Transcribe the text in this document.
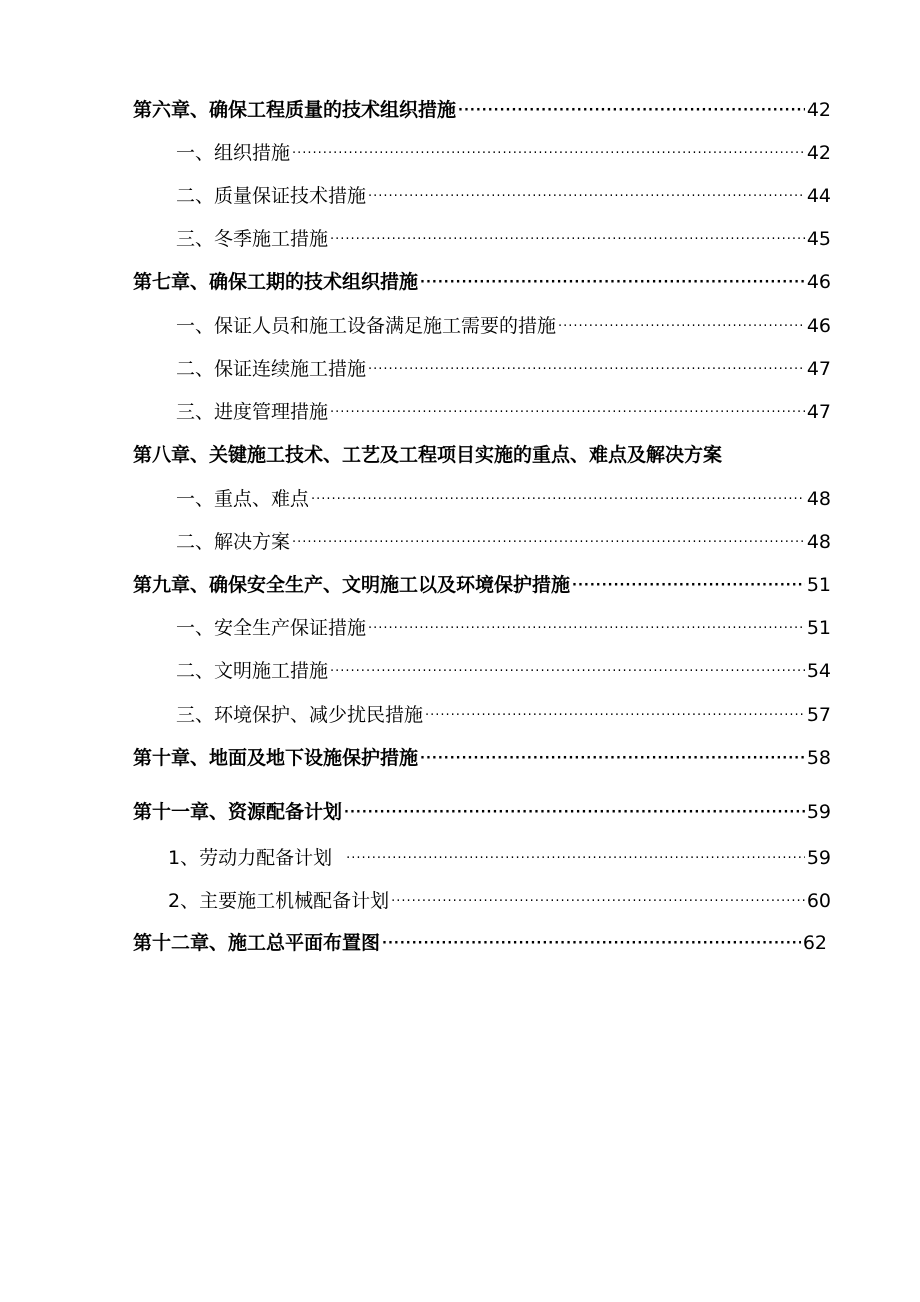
第六章、确保工程质量的技术组织措施 ·····	42
一、组织措施 ·····	42
二、质量保证技术措施 ·····	44
三、冬季施工措施 ·····	45
第七章、确保工期的技术组织措施 ·····	46
一、保证人员和施工设备满足施工需要的措施 ·····	46
二、保证连续施工措施 ·····	47
三、进度管理措施 ·····	47
第八章、关键施工技术、工艺及工程项目实施的重点、难点及解决方案
一、重点、难点 ·····	48
二、解决方案 ·····	48
第九章、确保安全生产、文明施工以及环境保护措施 ·····	51
一、安全生产保证措施 ·····	51
二、文明施工措施 ·····	54
三、环境保护、减少扰民措施 ·····	57
第十章、地面及地下设施保护措施 ·····	58
第十一章、资源配备计划 ·····	59
1、劳动力配备计划 ·····	59
2、主要施工机械配备计划 ·····	60
第十二章、施工总平面布置图 ·····	62
